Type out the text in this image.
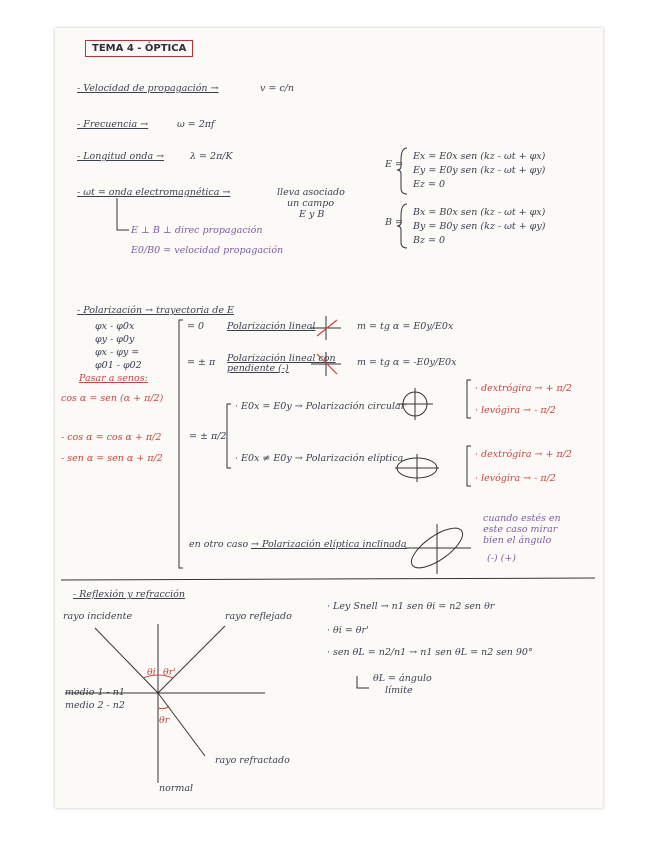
TEMA 4 - ÓPTICA
- Velocidad de propagación →	v = c/n
- Frecuencia →	ω = 2πf
- Longitud onda →	λ = 2π/K
- ωt = onda electromagnética →	lleva asociado
un campo
E y B
E ⊥ B ⊥ direc propagación
E0/B0 = velocidad propagación
E =
Ex = E0x sen (kz - ωt + φx)
Ey = E0y sen (kz - ωt + φy)
Ez = 0
B =
Bx = B0x sen (kz - ωt + φx)
By = B0y sen (kz - ωt + φy)
Bz = 0
- Polarización → trayectoria de E
φx - φ0x
φy - φ0y
φx - φy =
φ01 - φ02
Pasar a senos:
cos α = sen (α + π/2)
- cos α = cos α + π/2
- sen α = sen α + π/2
= 0 Polarización lineal	m = tg α = E0y/E0x
= ± π Polarización lineal con pendiente (-)
m = tg α = -E0y/E0x
= ± π/2
· E0x = E0y → Polarización circular
· E0x ≠ E0y → Polarización elíptica
· dextrógira → + π/2
· levógira → - π/2
· dextrógira → + π/2
· levógira → - π/2
en otro caso → Polarización elíptica inclinada
cuando estés en
este caso mirar
bien el ángulo
(-) (+)
- Reflexión y refracción
rayo incidente	rayo reflejado
medio 1 - n1
medio 2 - n2
rayo refractado
normal
θi θr'
θr
· Ley Snell → n1 sen θi = n2 sen θr
· θi = θr'
· sen θL = n2/n1 → n1 sen θL = n2 sen 90°
θL = ángulo
límite
